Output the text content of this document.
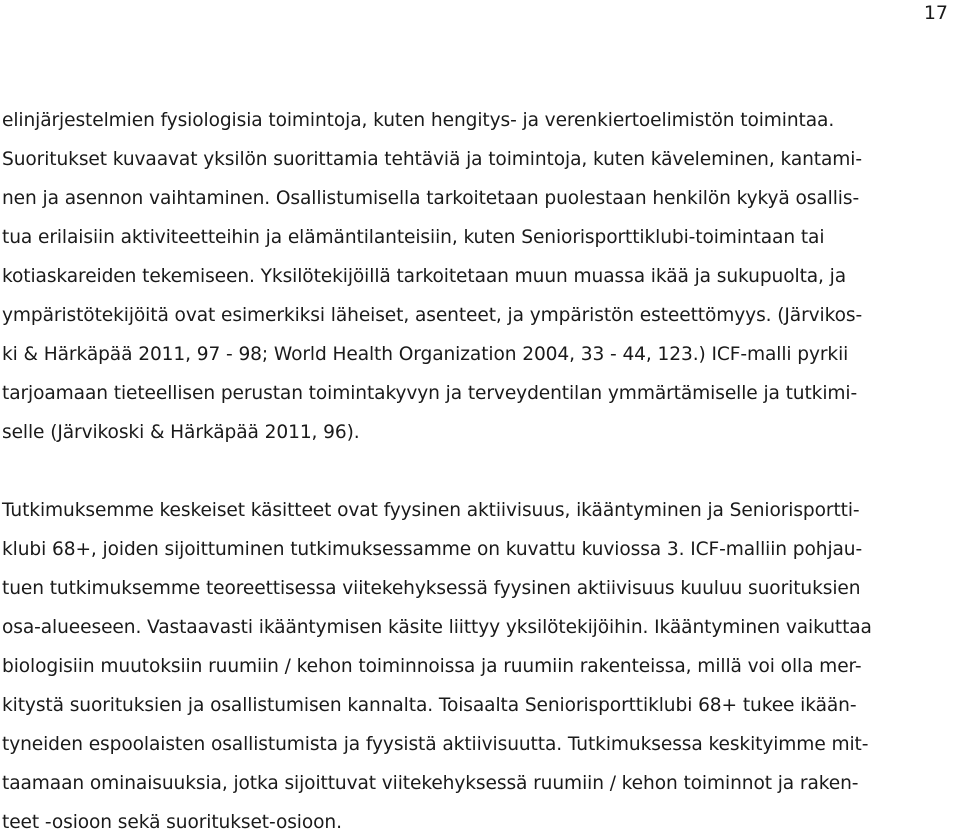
17

elinjärjestelmien fysiologisia toimintoja, kuten hengitys- ja verenkiertoelimistön toimintaa.

Suoritukset kuvaavat yksilön suorittamia tehtäviä ja toimintoja, kuten käveleminen, kantami-

nen ja asennon vaihtaminen. Osallistumisella tarkoitetaan puolestaan henkilön kykyä osallis-

tua erilaisiin aktiviteetteihin ja elämäntilanteisiin, kuten Seniorisporttiklubi-toimintaan tai

kotiaskareiden tekemiseen. Yksilötekijöillä tarkoitetaan muun muassa ikää ja sukupuolta, ja

ympäristötekijöitä ovat esimerkiksi läheiset, asenteet, ja ympäristön esteettömyys. (Järvikos-

ki & Härkäpää 2011, 97 - 98; World Health Organization 2004, 33 - 44, 123.) ICF-malli pyrkii

tarjoamaan tieteellisen perustan toimintakyvyn ja terveydentilan ymmärtämiselle ja tutkimi-

selle (Järvikoski & Härkäpää 2011, 96).

Tutkimuksemme keskeiset käsitteet ovat fyysinen aktiivisuus, ikääntyminen ja Seniorisportti-

klubi 68+, joiden sijoittuminen tutkimuksessamme on kuvattu kuviossa 3. ICF-malliin pohjau-

tuen tutkimuksemme teoreettisessa viitekehyksessä fyysinen aktiivisuus kuuluu suorituksien

osa-alueeseen. Vastaavasti ikääntymisen käsite liittyy yksilötekijöihin. Ikääntyminen vaikuttaa

biologisiin muutoksiin ruumiin / kehon toiminnoissa ja ruumiin rakenteissa, millä voi olla mer-

kitystä suorituksien ja osallistumisen kannalta. Toisaalta Seniorisporttiklubi 68+ tukee ikään-

tyneiden espoolaisten osallistumista ja fyysistä aktiivisuutta. Tutkimuksessa keskityimme mit-

taamaan ominaisuuksia, jotka sijoittuvat viitekehyksessä ruumiin / kehon toiminnot ja raken-

teet -osioon sekä suoritukset-osioon.
